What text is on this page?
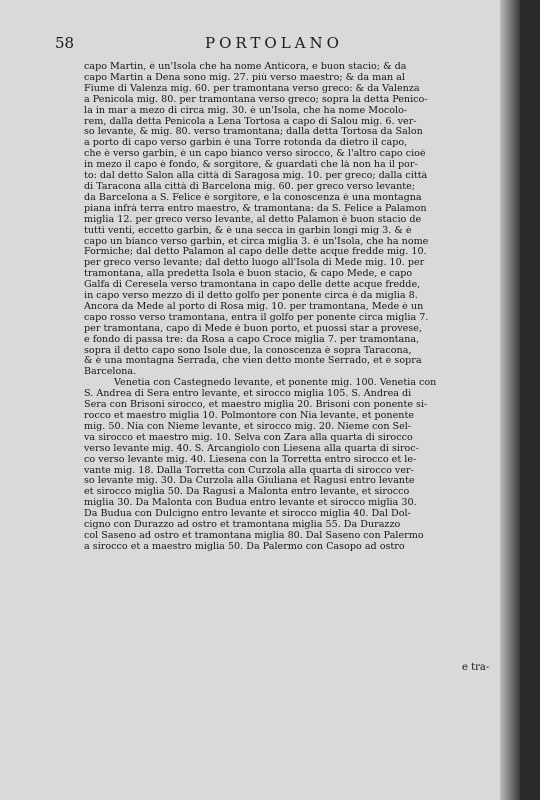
58	PORTOLANO
capo Martin, è un'Isola che ha nome Anticora, e buon stacio; & da
capo Martin a Dena sono mig. 27. più verso maestro; & da man al
Fiume di Valenza mig. 60. per tramontana verso greco: & da Valenza
a Penicola mig. 80. per tramontana verso greco; sopra la detta Penico-
la in mar a mezo di circa mig. 30. è un'Isola, che ha nome Mocolo-
rem, dalla detta Penicola a Lena Tortosa a capo di Salou mig. 6. ver-
so levante, & mig. 80. verso tramontana; dalla detta Tortosa da Salon
a porto di capo verso garbin è una Torre rotonda da dietro il capo,
che è verso garbin, è un capo bianco verso sirocco, & l'altro capo cioè
in mezo il capo è fondo, & sorgitore, & guardati che là non ha il por-
to: dal detto Salon alla città di Saragosa mig. 10. per greco; dalla città
di Taracona alla città di Barcelona mig. 60. per greco verso levante;
da Barcelona a S. Felice è sorgitore, e la conoscenza è una montagna
piana infrà terra entro maestro, & tramontana: da S. Felice a Palamon
miglia 12. per greco verso levante, al detto Palamon è buon stacio de
tutti venti, eccetto garbin, & è una secca in garbin longi mig 3. & è
capo un bianco verso garbin, et circa miglia 3. è un'Isola, che ha nome
Formiche; dal detto Palamon al capo delle dette acque fredde mig. 10.
per greco verso levante; dal detto luogo all'Isola di Mede mig. 10. per
tramontana, alla predetta Isola è buon stacio, & capo Mede, e capo
Galfa di Ceresela verso tramontana in capo delle dette acque fredde,
in capo verso mezzo di il detto golfo per ponente circa è da miglia 8.
Ancora da Mede al porto di Rosa mig. 10. per tramontana, Mede è un
capo rosso verso tramontana, entra il golfo per ponente circa miglia 7.
per tramontana, capo di Mede è buon porto, et puossi star a provese,
e fondo di passa tre: da Rosa a capo Croce miglia 7. per tramontana,
sopra il detto capo sono Isole due, la conoscenza è sopra Taracona,
& è una montagna Serrada, che vien detto monte Serrado, et è sopra
Barcelona.
Venetia con Castegnedo levante, et ponente mig. 100. Venetia con
S. Andrea di Sera entro levante, et sirocco miglia 105. S. Andrea di
Sera con Brisoni sirocco, et maestro miglia 20. Brisoni con ponente si-
rocco et maestro miglia 10. Polmontore con Nia levante, et ponente
mig. 50. Nia con Nieme levante, et sirocco mig. 20. Nieme con Sel-
va sirocco et maestro mig. 10. Selva con Zara alla quarta di sirocco
verso levante mig. 40. S. Arcangiolo con Liesena alla quarta di siroc-
co verso levante mig. 40. Liesena con la Torretta entro sirocco et le-
vante mig. 18. Dalla Torretta con Curzola alla quarta di sirocco ver-
so levante mig. 30. Da Curzola alla Giuliana et Ragusi entro levante
et sirocco miglia 50. Da Ragusi a Malonta entro levante, et sirocco
miglia 30. Da Malonta con Budua entro levante et sirocco miglia 30.
Da Budua con Dulcigno entro levante et sirocco miglia 40. Dal Dol-
cigno con Durazzo ad ostro et tramontana miglia 55. Da Durazzo
col Saseno ad ostro et tramontana miglia 80. Dal Saseno con Palermo
a sirocco et a maestro miglia 50. Da Palermo con Casopo ad ostro
e tra-
